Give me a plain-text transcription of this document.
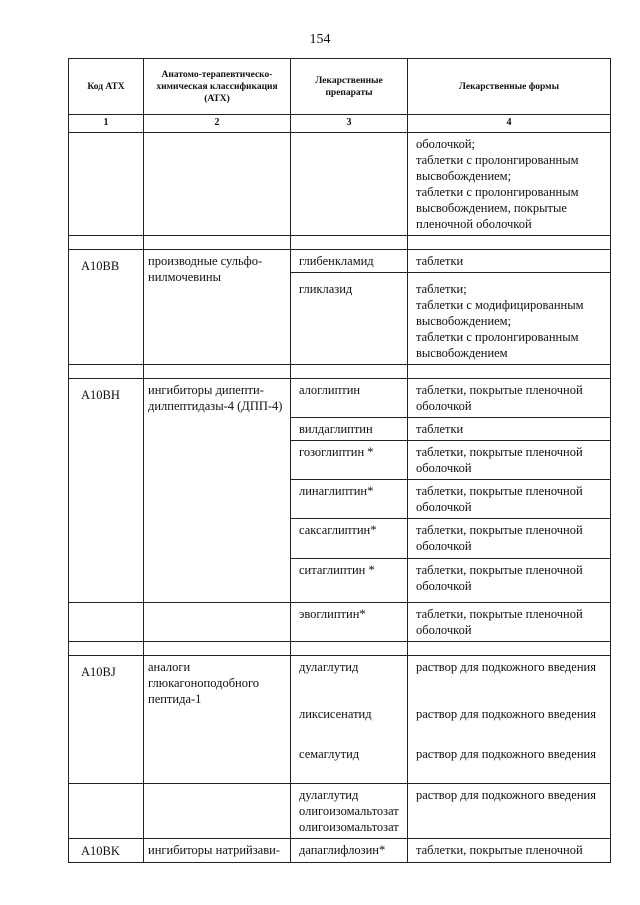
154
Код АТХ	Анатомо-терапевтическо-химическая классификация (АТХ)	Лекарственные препараты	Лекарственные формы
1	2	3	4
			оболочкой;
таблетки с пролонгированным высвобождением;
таблетки с пролонгированным высвобождением, покрытые пленочной оболочкой

A10BB	производные сульфо-нилмочевины	глибенкламид	таблетки
		гликлазид	таблетки;
таблетки с модифицированным высвобождением;
таблетки с пролонгированным высвобождением

A10BH	ингибиторы дипепти-дилпептидазы-4 (ДПП-4)	алоглиптин	таблетки, покрытые пленочной оболочкой
		вилдаглиптин	таблетки
		гозоглиптин *	таблетки, покрытые пленочной оболочкой
		линаглиптин*	таблетки, покрытые пленочной оболочкой
		саксаглиптин*	таблетки, покрытые пленочной оболочкой
		ситаглиптин *	таблетки, покрытые пленочной оболочкой
		эвоглиптин*	таблетки, покрытые пленочной оболочкой

A10BJ	аналоги глюкагоноподобного пептида-1	дулаглутид	раствор для подкожного введения
		ликсисенатид	раствор для подкожного введения
		семаглутид	раствор для подкожного введения
		дулаглутид олигоизомальтозат олигоизомальтозат	раствор для подкожного введения
A10BK	ингибиторы натрийзави-	дапаглифлозин*	таблетки, покрытые пленочной
